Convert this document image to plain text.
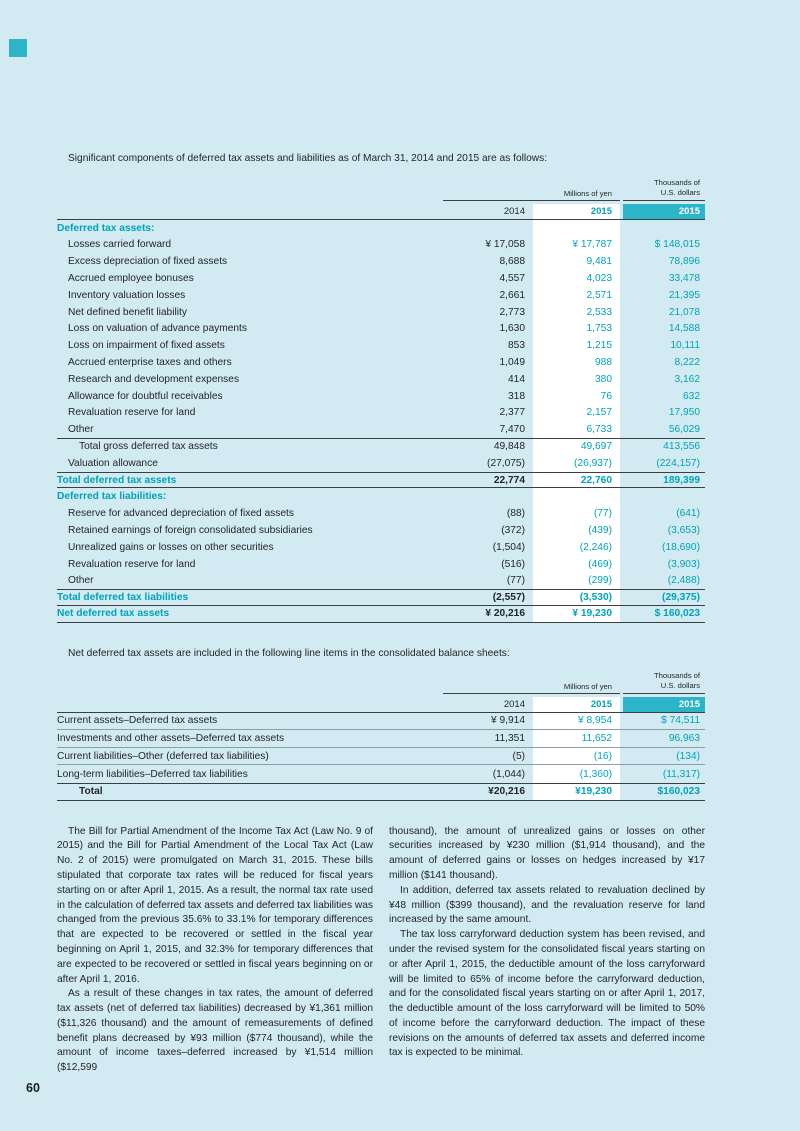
Significant components of deferred tax assets and liabilities as of March 31, 2014 and 2015 are as follows:

Millions of yen
Thousands of
U.S. dollars
2014	2015	2015
Deferred tax assets:
Losses carried forward	¥ 17,058	¥ 17,787	$ 148,015
Excess depreciation of fixed assets	8,688	9,481	78,896
Accrued employee bonuses	4,557	4,023	33,478
Inventory valuation losses	2,661	2,571	21,395
Net defined benefit liability	2,773	2,533	21,078
Loss on valuation of advance payments	1,630	1,753	14,588
Loss on impairment of fixed assets	853	1,215	10,111
Accrued enterprise taxes and others	1,049	988	8,222
Research and development expenses	414	380	3,162
Allowance for doubtful receivables	318	76	632
Revaluation reserve for land	2,377	2,157	17,950
Other	7,470	6,733	56,029
Total gross deferred tax assets	49,848	49,697	413,556
Valuation allowance	(27,075)	(26,937)	(224,157)
Total deferred tax assets	22,774	22,760	189,399
Deferred tax liabilities:
Reserve for advanced depreciation of fixed assets	(88)	(77)	(641)
Retained earnings of foreign consolidated subsidiaries	(372)	(439)	(3,653)
Unrealized gains or losses on other securities	(1,504)	(2,246)	(18,690)
Revaluation reserve for land	(516)	(469)	(3,903)
Other	(77)	(299)	(2,488)
Total deferred tax liabilities	(2,557)	(3,530)	(29,375)
Net deferred tax assets	¥ 20,216	¥ 19,230	$ 160,023

Net deferred tax assets are included in the following line items in the consolidated balance sheets:

Millions of yen
Thousands of
U.S. dollars
2014	2015	2015
Current assets–Deferred tax assets	¥ 9,914	¥ 8,954	$ 74,511
Investments and other assets–Deferred tax assets	11,351	11,652	96,963
Current liabilities–Other (deferred tax liabilities)	(5)	(16)	(134)
Long-term liabilities–Deferred tax liabilities	(1,044)	(1,360)	(11,317)
Total	¥20,216	¥19,230	$160,023

The Bill for Partial Amendment of the Income Tax Act (Law No. 9 of 2015) and the Bill for Partial Amendment of the Local Tax Act (Law No. 2 of 2015) were promulgated on March 31, 2015. These bills stipulated that corporate tax rates will be reduced for fiscal years starting on or after April 1, 2015. As a result, the normal tax rate used in the calculation of deferred tax assets and deferred tax liabilities was changed from the previous 35.6% to 33.1% for temporary differences that are expected to be recovered or settled in the fiscal year beginning on April 1, 2015, and 32.3% for temporary differences that are expected to be recovered or settled in fiscal years beginning on or after April 1, 2016.

As a result of these changes in tax rates, the amount of deferred tax assets (net of deferred tax liabilities) decreased by ¥1,361 million ($11,326 thousand) and the amount of remeasurements of defined benefit plans decreased by ¥93 million ($774 thousand), while the amount of income taxes–deferred increased by ¥1,514 million ($12,599

thousand), the amount of unrealized gains or losses on other securities increased by ¥230 million ($1,914 thousand), and the amount of deferred gains or losses on hedges increased by ¥17 million ($141 thousand).

In addition, deferred tax assets related to revaluation declined by ¥48 million ($399 thousand), and the revaluation reserve for land increased by the same amount.

The tax loss carryforward deduction system has been revised, and under the revised system for the consolidated fiscal years starting on or after April 1, 2015, the deductible amount of the loss carryforward will be limited to 65% of income before the carryforward deduction, and for the consolidated fiscal years starting on or after April 1, 2017, the deductible amount of the loss carryforward will be limited to 50% of income before the carryforward deduction. The impact of these revisions on the amounts of deferred tax assets and deferred income tax is expected to be minimal.

60
